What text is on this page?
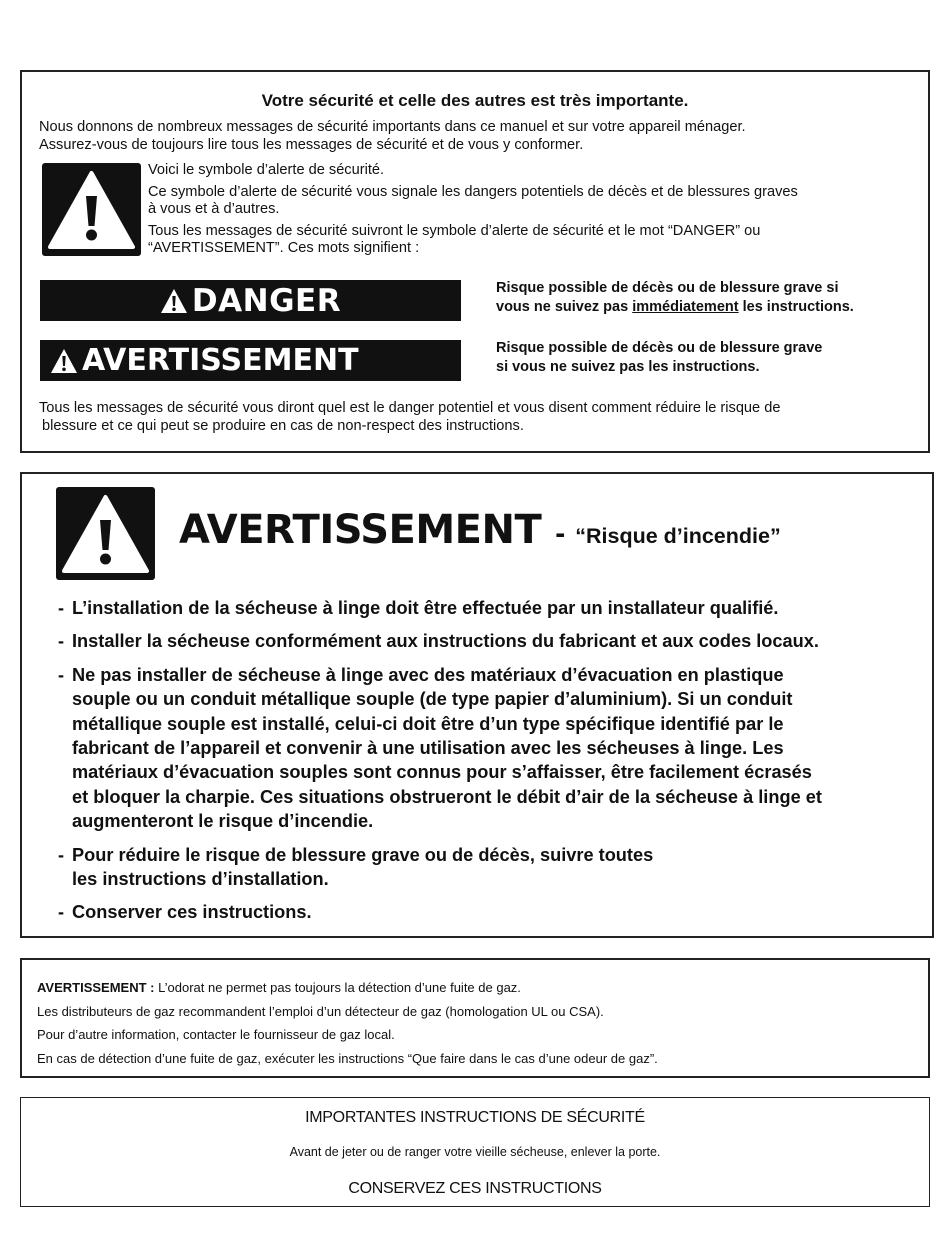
Votre sécurité et celle des autres est très importante.
Nous donnons de nombreux messages de sécurité importants dans ce manuel et sur votre appareil ménager.
Assurez-vous de toujours lire tous les messages de sécurité et de vous y conformer.
Voici le symbole d’alerte de sécurité.
Ce symbole d’alerte de sécurité vous signale les dangers potentiels de décès et de blessures graves
à vous et à d’autres.
Tous les messages de sécurité suivront le symbole d’alerte de sécurité et le mot “DANGER” ou
“AVERTISSEMENT”. Ces mots signifient :
DANGER	Risque possible de décès ou de blessure grave si
vous ne suivez pas immédiatement les instructions.
AVERTISSEMENT	Risque possible de décès ou de blessure grave
si vous ne suivez pas les instructions.
Tous les messages de sécurité vous diront quel est le danger potentiel et vous disent comment réduire le risque de
blessure et ce qui peut se produire en cas de non-respect des instructions.
AVERTISSEMENT - “Risque d’incendie”
- L’installation de la sécheuse à linge doit être effectuée par un installateur qualifié.
- Installer la sécheuse conformément aux instructions du fabricant et aux codes locaux.
- Ne pas installer de sécheuse à linge avec des matériaux d’évacuation en plastique
souple ou un conduit métallique souple (de type papier d’aluminium). Si un conduit
métallique souple est installé, celui-ci doit être d’un type spécifique identifié par le
fabricant de l’appareil et convenir à une utilisation avec les sécheuses à linge. Les
matériaux d’évacuation souples sont connus pour s’affaisser, être facilement écrasés
et bloquer la charpie. Ces situations obstrueront le débit d’air de la sécheuse à linge et
augmenteront le risque d’incendie.
- Pour réduire le risque de blessure grave ou de décès, suivre toutes
les instructions d’installation.
- Conserver ces instructions.
AVERTISSEMENT : L’odorat ne permet pas toujours la détection d’une fuite de gaz.
Les distributeurs de gaz recommandent l’emploi d’un détecteur de gaz (homologation UL ou CSA).
Pour d’autre information, contacter le fournisseur de gaz local.
En cas de détection d’une fuite de gaz, exécuter les instructions “Que faire dans le cas d’une odeur de gaz”.
IMPORTANTES INSTRUCTIONS DE SÉCURITÉ
Avant de jeter ou de ranger votre vieille sécheuse, enlever la porte.
CONSERVEZ CES INSTRUCTIONS
